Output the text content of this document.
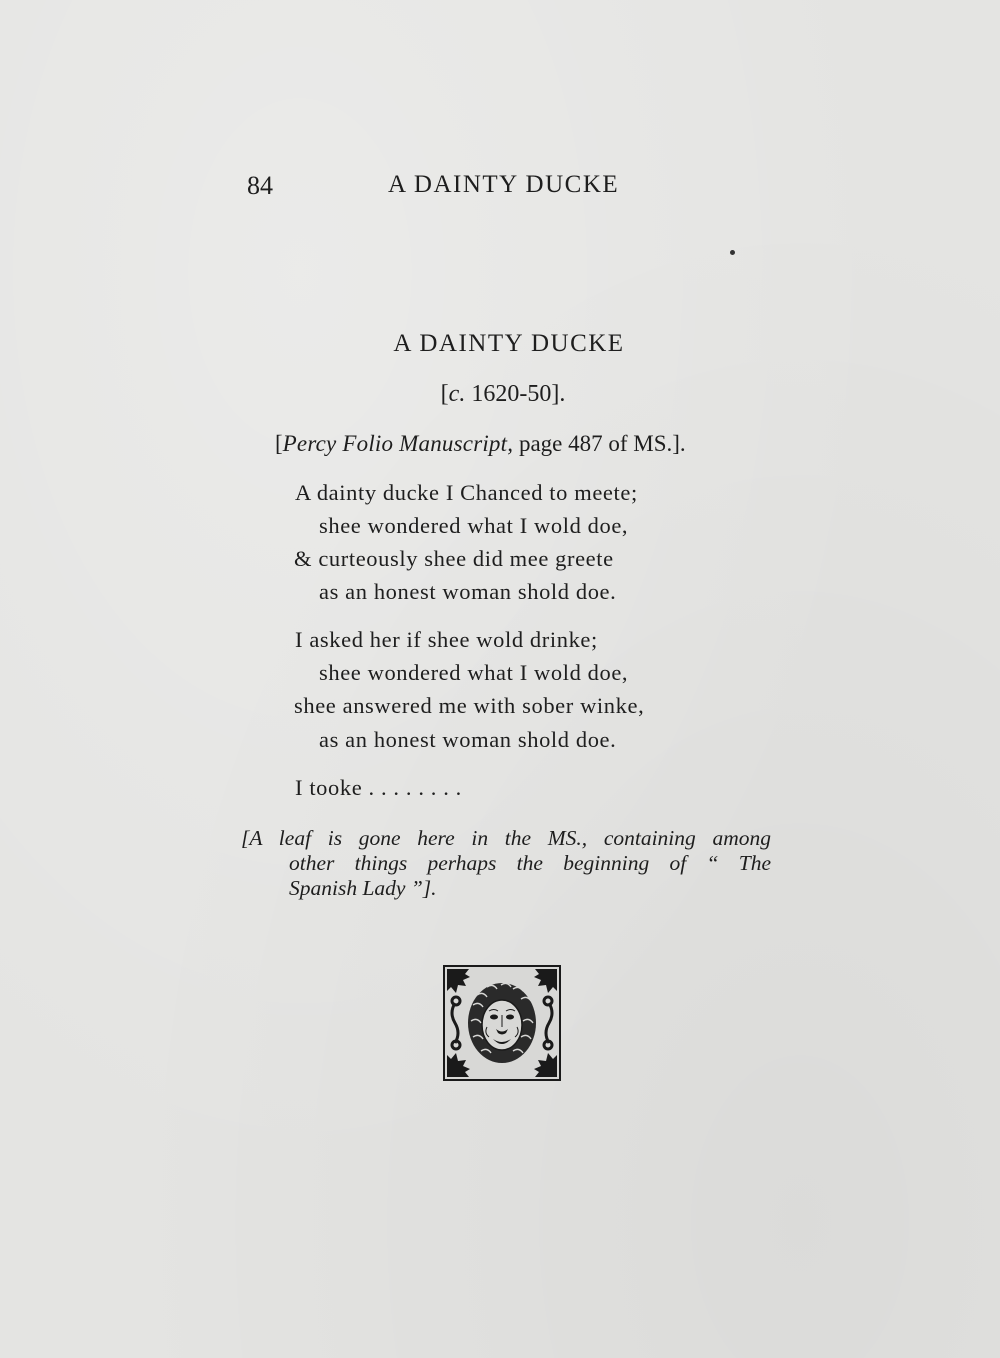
84	A DAINTY DUCKE
A DAINTY DUCKE
[c. 1620-50].
[Percy Folio Manuscript, page 487 of MS.].
A dainty ducke I Chanced to meete;
shee wondered what I wold doe,
& curteously shee did mee greete
as an honest woman shold doe.
I asked her if shee wold drinke;
shee wondered what I wold doe,
shee answered me with sober winke,
as an honest woman shold doe.
I tooke . . . . . . . .
[A leaf is gone here in the MS., containing among
other things perhaps the beginning of “ The
Spanish Lady ”].
